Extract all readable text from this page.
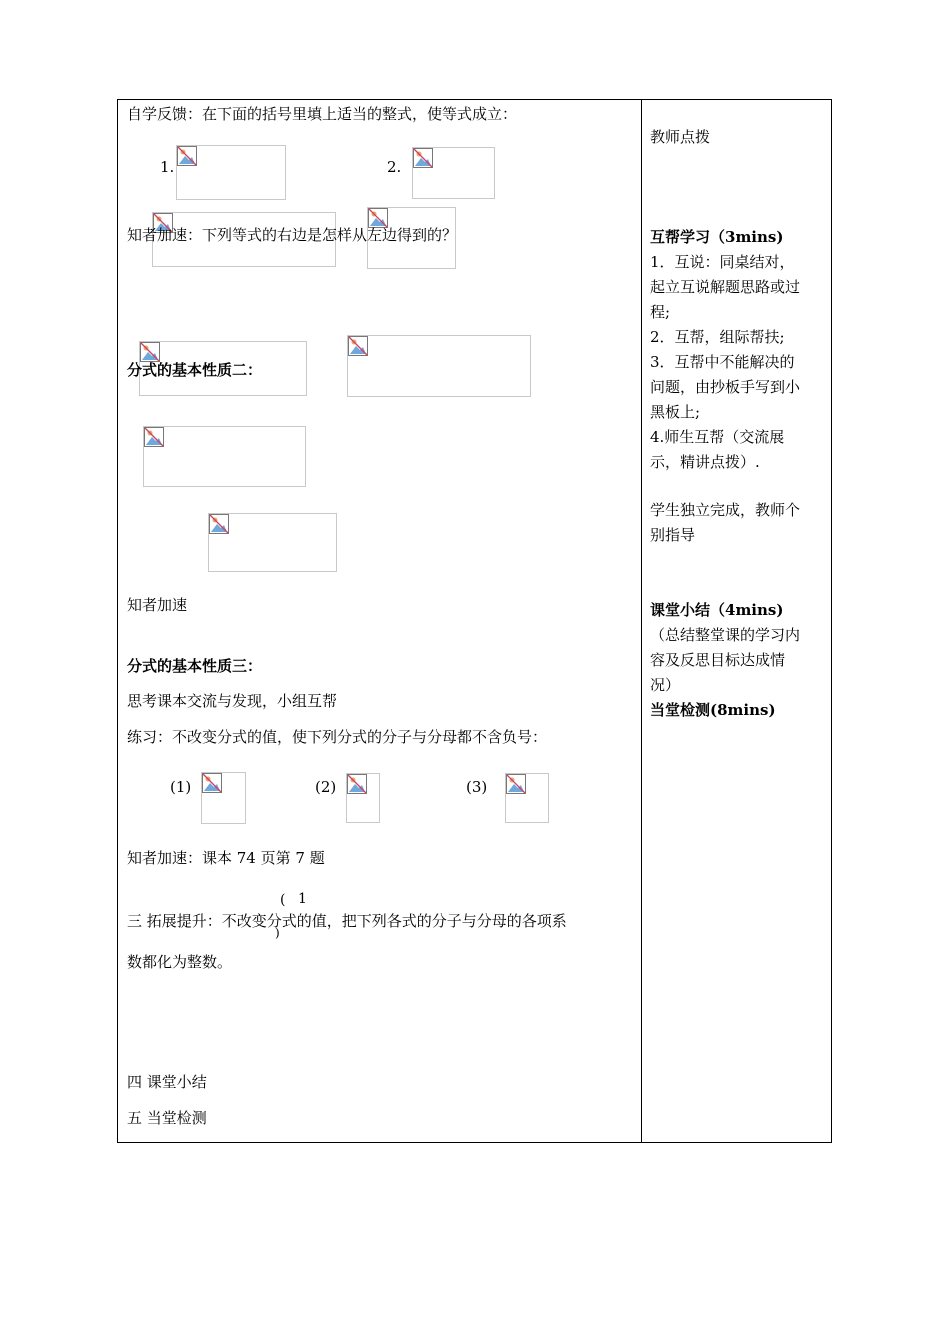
自学反馈：在下面的括号里填上适当的整式，使等式成立：
1.	2.
知者加速：下列等式的右边是怎样从左边得到的？
分式的基本性质二：
知者加速
分式的基本性质三：
思考课本交流与发现，小组互帮
练习：不改变分式的值，使下列分式的分子与分母都不含负号：
(1)	(2)	(3)
知者加速：课本 74 页第 7 题
( 1
)
三 拓展提升：不改变分式的值，把下列各式的分子与分母的各项系
数都化为整数。
四 课堂小结
五 当堂检测
教师点拨
互帮学习（3mins)
1．互说：同桌结对，
起立互说解题思路或过
程;
2．互帮，组际帮扶;
3．互帮中不能解决的
问题，由抄板手写到小
黑板上;
4.师生互帮（交流展
示，精讲点拨）.
学生独立完成，教师个
别指导
课堂小结（4mins)
（总结整堂课的学习内
容及反思目标达成情
况）
当堂检测(8mins)
